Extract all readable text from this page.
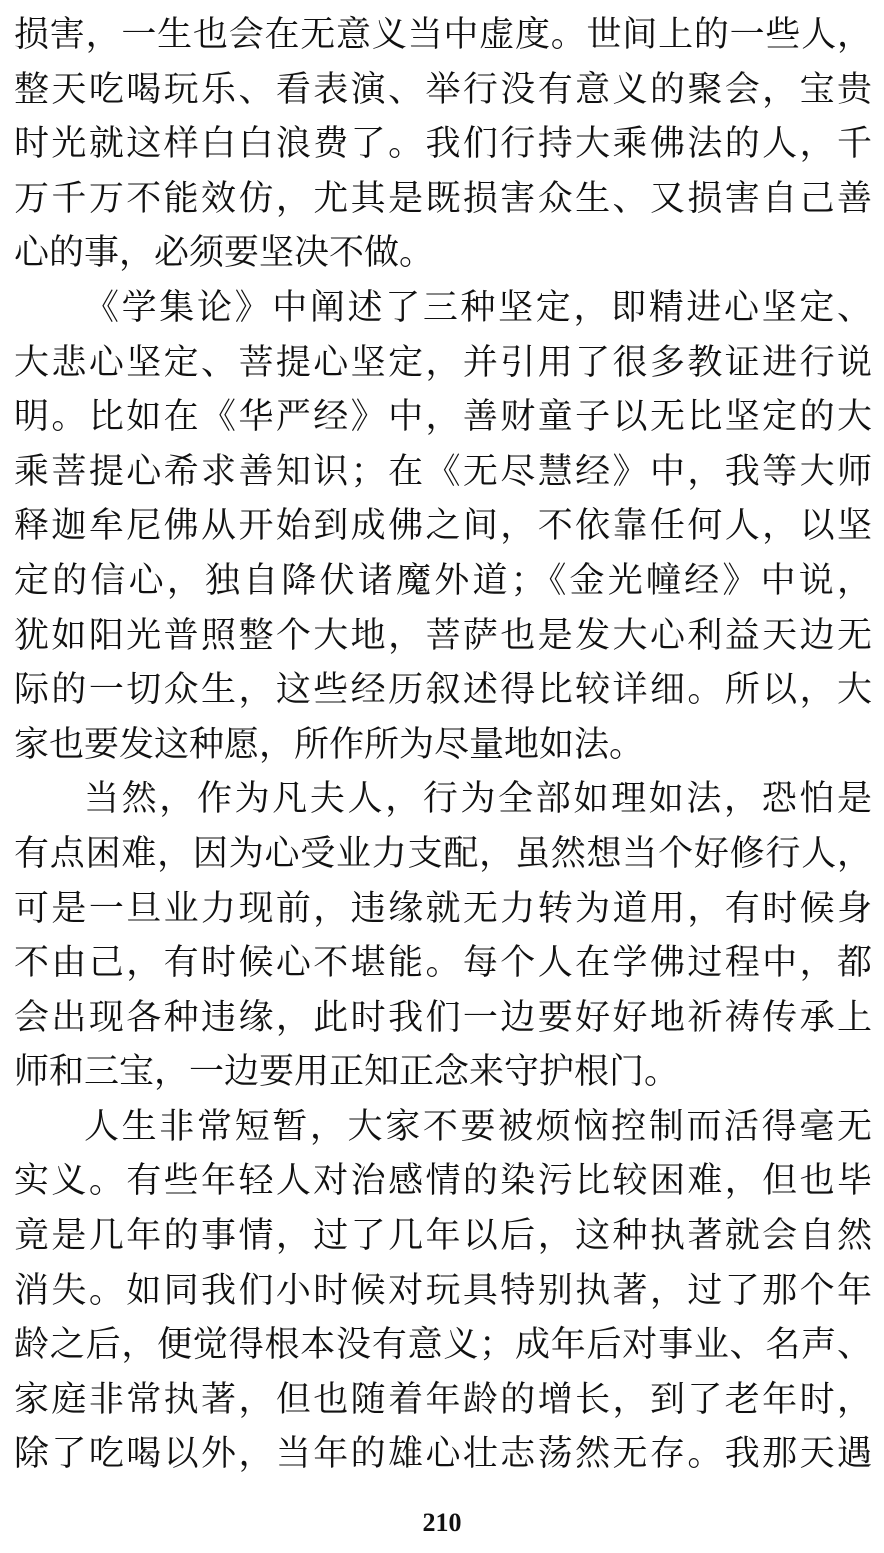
损害，一生也会在无意义当中虚度。世间上的一些人，
整天吃喝玩乐、看表演、举行没有意义的聚会，宝贵
时光就这样白白浪费了。我们行持大乘佛法的人，千
万千万不能效仿，尤其是既损害众生、又损害自己善
心的事，必须要坚决不做。
《学集论》中阐述了三种坚定，即精进心坚定、
大悲心坚定、菩提心坚定，并引用了很多教证进行说
明。比如在《华严经》中，善财童子以无比坚定的大
乘菩提心希求善知识；在《无尽慧经》中，我等大师
释迦牟尼佛从开始到成佛之间，不依靠任何人，以坚
定的信心，独自降伏诸魔外道；《金光幢经》中说，
犹如阳光普照整个大地，菩萨也是发大心利益天边无
际的一切众生，这些经历叙述得比较详细。所以，大
家也要发这种愿，所作所为尽量地如法。
当然，作为凡夫人，行为全部如理如法，恐怕是
有点困难，因为心受业力支配，虽然想当个好修行人，
可是一旦业力现前，违缘就无力转为道用，有时候身
不由己，有时候心不堪能。每个人在学佛过程中，都
会出现各种违缘，此时我们一边要好好地祈祷传承上
师和三宝，一边要用正知正念来守护根门。
人生非常短暂，大家不要被烦恼控制而活得毫无
实义。有些年轻人对治感情的染污比较困难，但也毕
竟是几年的事情，过了几年以后，这种执著就会自然
消失。如同我们小时候对玩具特别执著，过了那个年
龄之后，便觉得根本没有意义；成年后对事业、名声、
家庭非常执著，但也随着年龄的增长，到了老年时，
除了吃喝以外，当年的雄心壮志荡然无存。我那天遇
210
